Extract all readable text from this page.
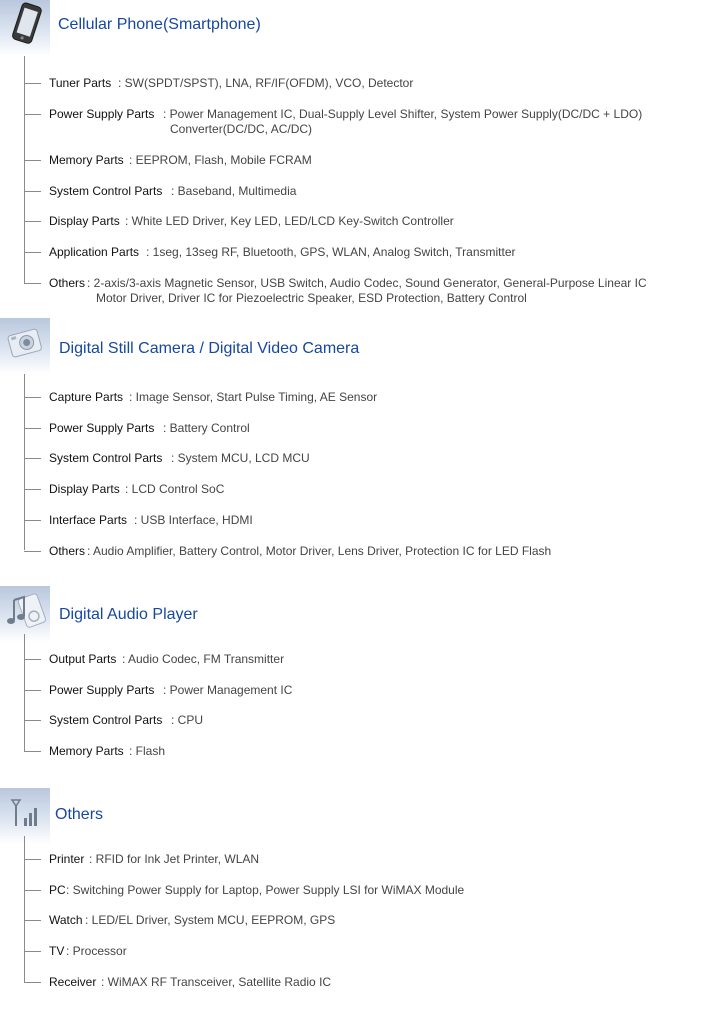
Cellular Phone(Smartphone)
Tuner Parts : SW(SPDT/SPST), LNA, RF/IF(OFDM), VCO, Detector
Power Supply Parts : Power Management IC, Dual-Supply Level Shifter, System Power Supply(DC/DC + LDO)
Converter(DC/DC, AC/DC)
Memory Parts : EEPROM, Flash, Mobile FCRAM
System Control Parts : Baseband, Multimedia
Display Parts : White LED Driver, Key LED, LED/LCD Key-Switch Controller
Application Parts : 1seg, 13seg RF, Bluetooth, GPS, WLAN, Analog Switch, Transmitter
Others : 2-axis/3-axis Magnetic Sensor, USB Switch, Audio Codec, Sound Generator, General-Purpose Linear IC
Motor Driver, Driver IC for Piezoelectric Speaker, ESD Protection, Battery Control
Digital Still Camera / Digital Video Camera
Capture Parts : Image Sensor, Start Pulse Timing, AE Sensor
Power Supply Parts : Battery Control
System Control Parts : System MCU, LCD MCU
Display Parts : LCD Control SoC
Interface Parts : USB Interface, HDMI
Others : Audio Amplifier, Battery Control, Motor Driver, Lens Driver, Protection IC for LED Flash
Digital Audio Player
Output Parts : Audio Codec, FM Transmitter
Power Supply Parts : Power Management IC
System Control Parts : CPU
Memory Parts : Flash
Others
Printer : RFID for Ink Jet Printer, WLAN
PC : Switching Power Supply for Laptop, Power Supply LSI for WiMAX Module
Watch : LED/EL Driver, System MCU, EEPROM, GPS
TV : Processor
Receiver : WiMAX RF Transceiver, Satellite Radio IC
